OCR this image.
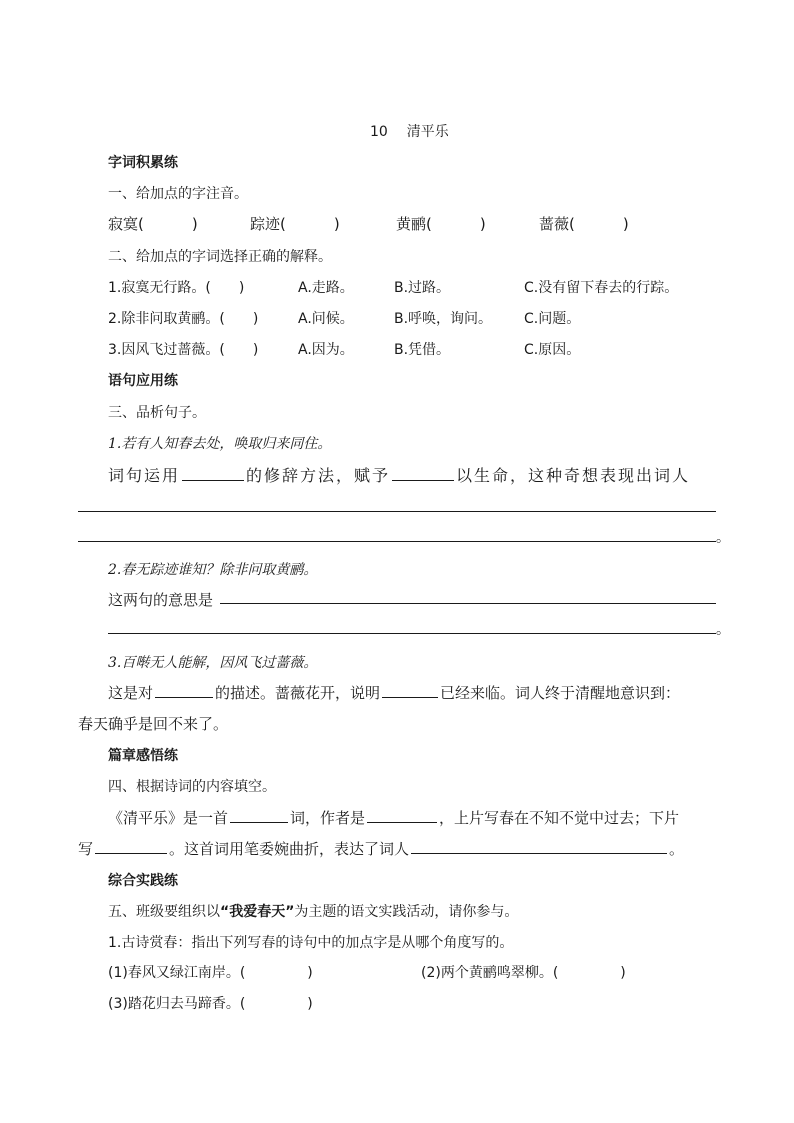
10 清平乐
字词积累练
一、给加点的字注音。
寂寞(	)	踪迹(	)	黄鹂(	)	蔷薇(	)
二、给加点的字词选择正确的解释。
1.寂寞无行路。( )	A.走路。	B.过路。	C.没有留下春去的行踪。
2.除非问取黄鹂。( )	A.问候。	B.呼唤，询问。 C.问题。
3.因风飞过蔷薇。( )	A.因为。	B.凭借。	C.原因。
语句应用练
三、品析句子。
1.若有人知春去处，唤取归来同住。
词句运用	的修辞方法，赋予	以生命，这种奇想表现出词人
。
2.春无踪迹谁知？除非问取黄鹂。
这两句的意思是
。
3.百啭无人能解，因风飞过蔷薇。
这是对	的描述。蔷薇花开，说明	已经来临。词人终于清醒地意识到：
春天确乎是回不来了。
篇章感悟练
四、根据诗词的内容填空。
《清平乐》是一首	词，作者是	，上片写春在不知不觉中过去；下片
写	。这首词用笔委婉曲折，表达了词人	。
综合实践练
五、班级要组织以“我爱春天”为主题的语文实践活动，请你参与。
1.古诗赏春：指出下列写春的诗句中的加点字是从哪个角度写的。
(1)春风又绿江南岸。(	)	(2)两个黄鹂鸣翠柳。(	)
(3)踏花归去马蹄香。(	)
